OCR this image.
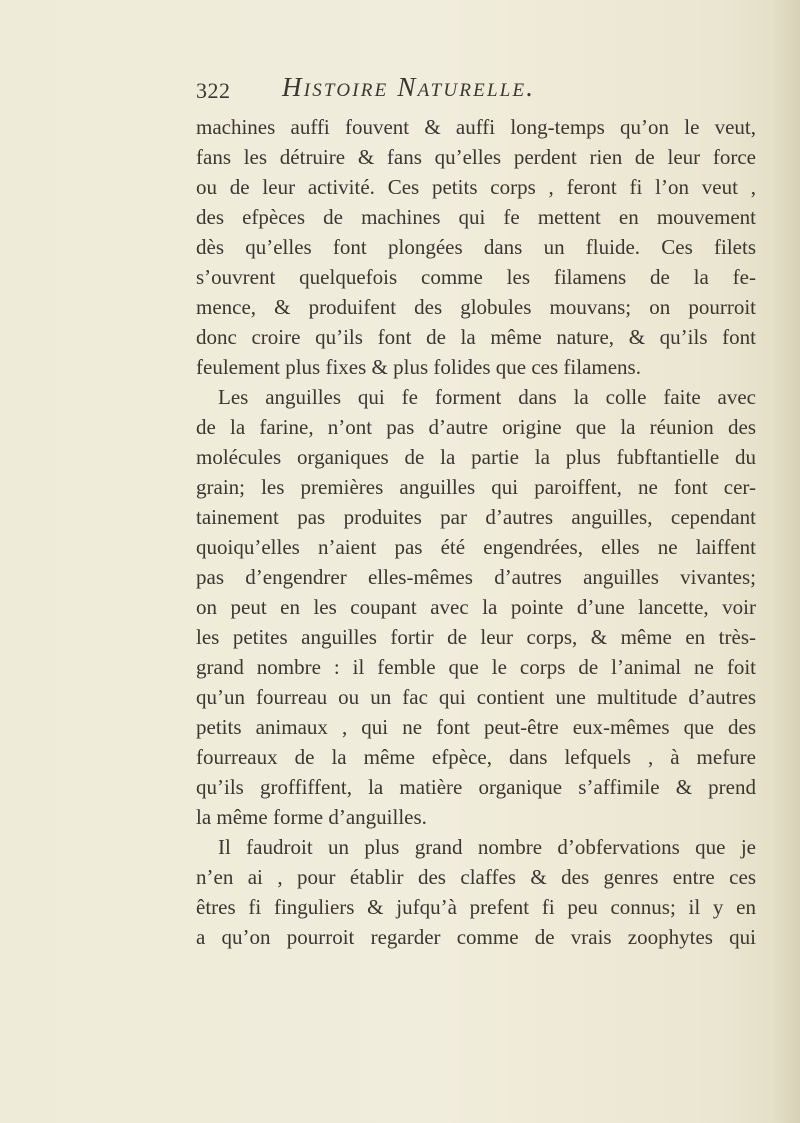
322 Histoire Naturelle.
machines auffi fouvent & auffi long-temps qu’on le veut,
fans les détruire & fans qu’elles perdent rien de leur force
ou de leur activité. Ces petits corps , feront fi l’on veut ,
des efpèces de machines qui fe mettent en mouvement
dès qu’elles font plongées dans un fluide. Ces filets
s’ouvrent quelquefois comme les filamens de la fe-
mence, & produifent des globules mouvans; on pourroit
donc croire qu’ils font de la même nature, & qu’ils font
feulement plus fixes & plus folides que ces filamens.
Les anguilles qui fe forment dans la colle faite avec
de la farine, n’ont pas d’autre origine que la réunion des
molécules organiques de la partie la plus fubftantielle du
grain; les premières anguilles qui paroiffent, ne font cer-
tainement pas produites par d’autres anguilles, cependant
quoiqu’elles n’aient pas été engendrées, elles ne laiffent
pas d’engendrer elles-mêmes d’autres anguilles vivantes;
on peut en les coupant avec la pointe d’une lancette, voir
les petites anguilles fortir de leur corps, & même en très-
grand nombre : il femble que le corps de l’animal ne foit
qu’un fourreau ou un fac qui contient une multitude d’autres
petits animaux , qui ne font peut-être eux-mêmes que des
fourreaux de la même efpèce, dans lefquels , à mefure
qu’ils groffiffent, la matière organique s’affimile & prend
la même forme d’anguilles.
Il faudroit un plus grand nombre d’obfervations que je
n’en ai , pour établir des claffes & des genres entre ces
êtres fi finguliers & jufqu’à prefent fi peu connus; il y en
a qu’on pourroit regarder comme de vrais zoophytes qui
